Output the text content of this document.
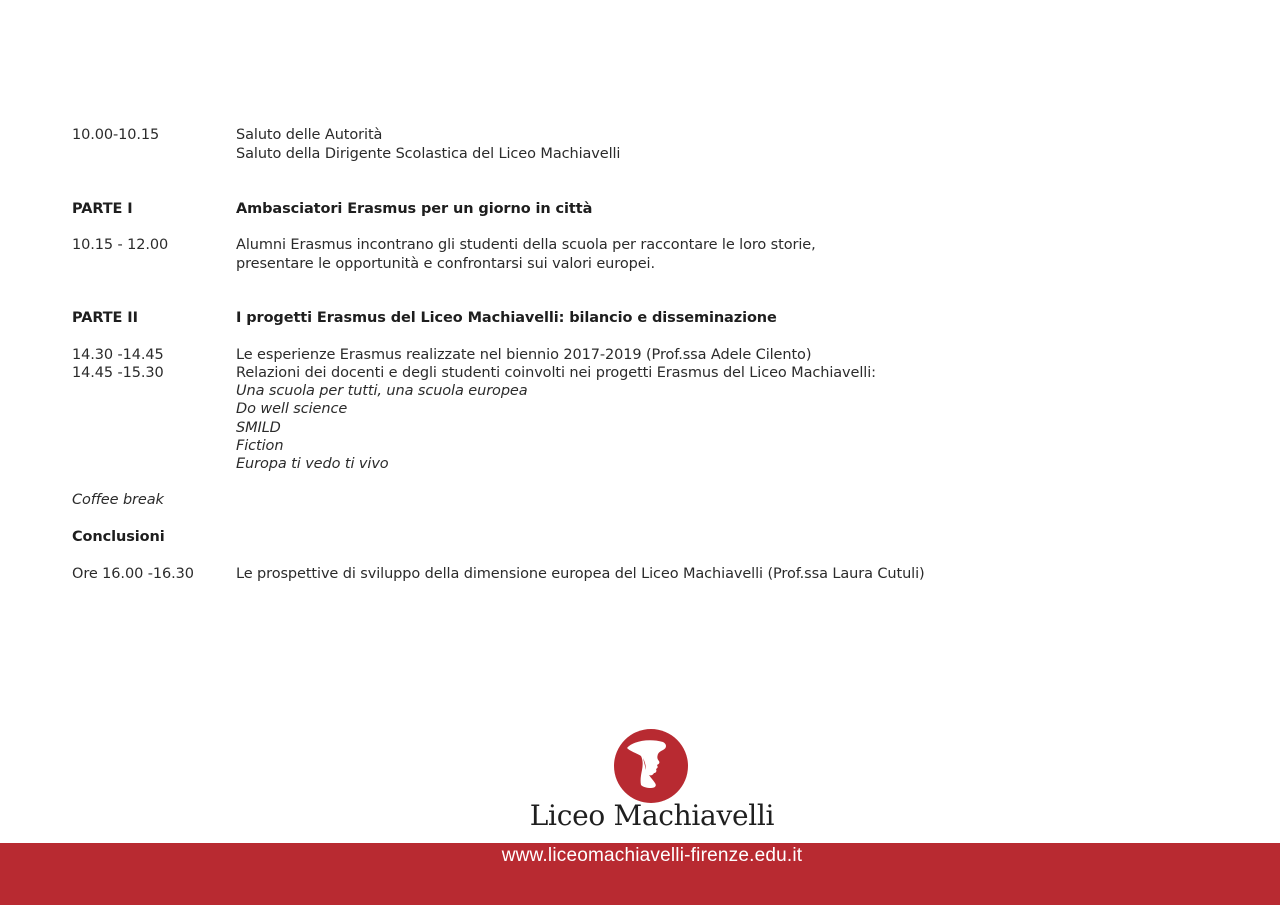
10.00-10.15	Saluto delle Autorità
Saluto della Dirigente Scolastica del Liceo Machiavelli
PARTE I	Ambasciatori Erasmus per un giorno in città
10.15 - 12.00	Alumni Erasmus incontrano gli studenti della scuola per raccontare le loro storie,
presentare le opportunità e confrontarsi sui valori europei.
PARTE II	I progetti Erasmus del Liceo Machiavelli: bilancio e disseminazione
14.30 -14.45	Le esperienze Erasmus realizzate nel biennio 2017-2019 (Prof.ssa Adele Cilento)
14.45 -15.30	Relazioni dei docenti e degli studenti coinvolti nei progetti Erasmus del Liceo Machiavelli:
Una scuola per tutti, una scuola europea
Do well science
SMILD
Fiction
Europa ti vedo ti vivo
Coffee break
Conclusioni
Ore 16.00 -16.30	Le prospettive di sviluppo della dimensione europea del Liceo Machiavelli (Prof.ssa Laura Cutuli)
Liceo Machiavelli
www.liceomachiavelli-firenze.edu.it
